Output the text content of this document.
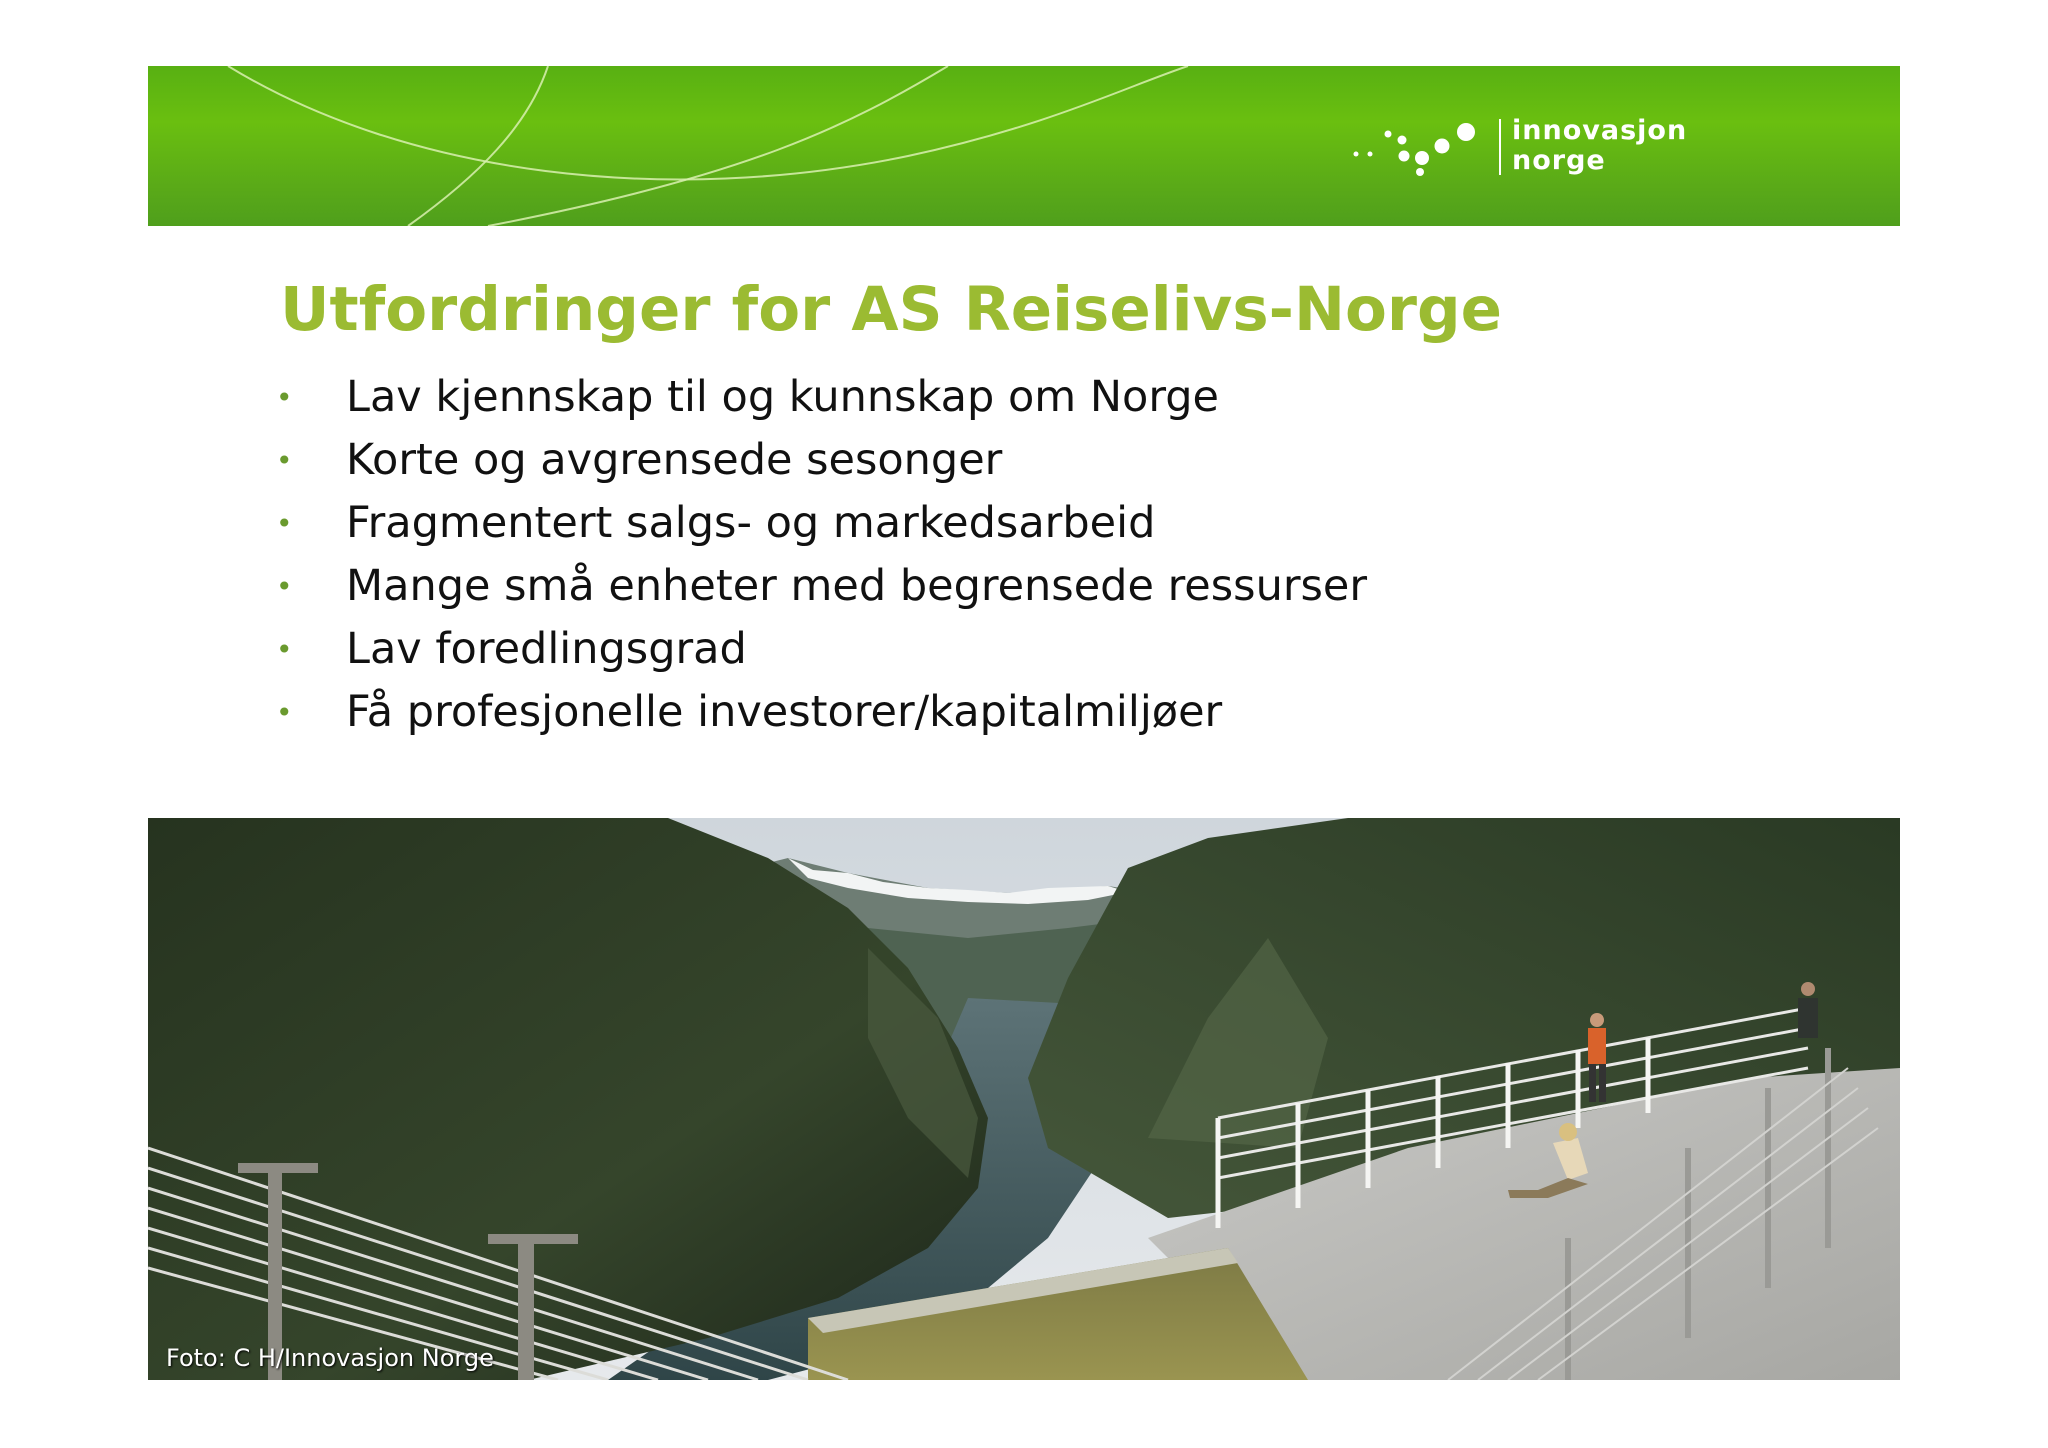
innovasjon
norge
Utfordringer for AS Reiselivs-Norge
• Lav kjennskap til og kunnskap om Norge
• Korte og avgrensede sesonger
• Fragmentert salgs- og markedsarbeid
• Mange små enheter med begrensede ressurser
• Lav foredlingsgrad
• Få profesjonelle investorer/kapitalmiljøer
Foto: C H/Innovasjon Norge
